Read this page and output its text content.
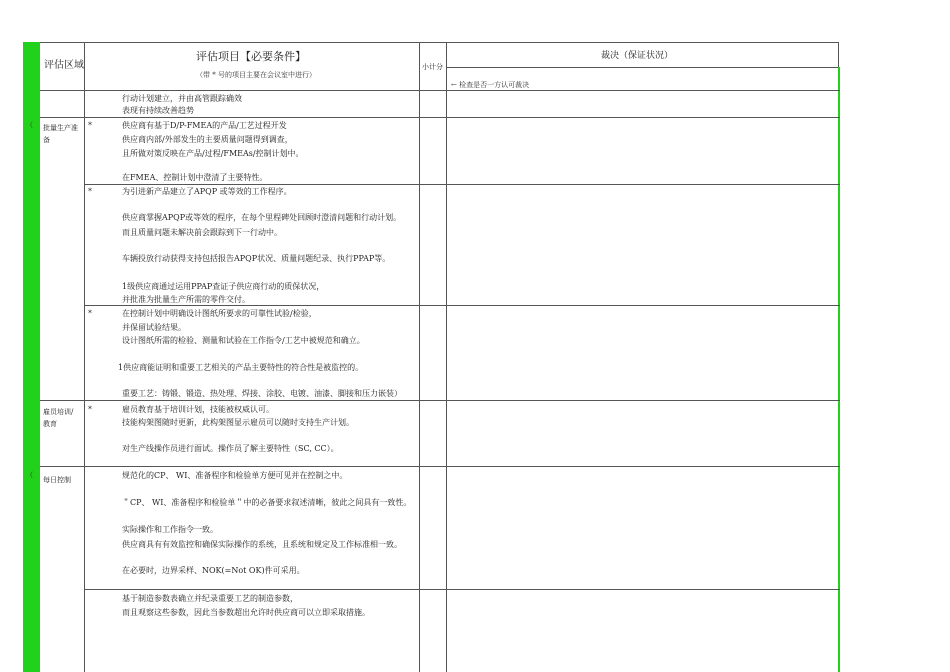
评估区域
评估项目【必要条件】
（带 * 号的项目主要在会议室中进行）
小计分
裁决（保证状况）
← 检查是否一方认可裁决
（ 批量生产准备
雇员培训/教育
（
每日控制
*
*
*
*
行动计划建立，并由高管跟踪确效
表现有持续改善趋势
供应商有基于D/P-FMEA的产品/工艺过程开发
供应商内部/外部发生的主要质量问题得到调查，
且所做对策反映在产品/过程/FMEAs/控制计划中。
在FMEA、控制计划中澄清了主要特性。
为引进新产品建立了APQP 或等效的工作程序。
供应商掌握APQP或等效的程序，在每个里程碑处回顾时澄清问题和行动计划。
而且质量问题未解决前会跟踪到下一行动中。
车辆投放行动获得支持包括报告APQP状况、质量问题纪录、执行PPAP等。
1级供应商通过运用PPAP查证子供应商行动的质保状况，
并批准为批量生产所需的零件交付。
在控制计划中明确设计图纸所要求的可靠性试验/检验，
并保留试验结果。
设计图纸所需的检验、测量和试验在工作指令/工艺中被规范和确立。
1供应商能证明和重要工艺相关的产品主要特性的符合性是被监控的。
重要工艺：铸锻、锻造、热处理、焊接、涂胶、电镀、油漆、脚接和压力嵌装）
雇员教育基于培训计划，技能被权威认可。
技能构架图随时更新，此构架图显示雇员可以随时支持生产计划。
对生产线操作员进行面试。操作员了解主要特性（SC, CC）。
规范化的CP、 WI、准备程序和检验单方便可见并在控制之中。
＂CP、 WI、准备程序和检验单＂中的必备要求叙述清晰，彼此之间具有一致性。
实际操作和工作指令一致。
供应商具有有效监控和确保实际操作的系统，且系统和规定及工作标准相一致。
在必要时，边界采样、NOK(=Not OK)件可采用。
基于制造参数表确立并纪录重要工艺的制造参数，
而且观察这些参数，因此当参数超出允许时供应商可以立即采取措施。
